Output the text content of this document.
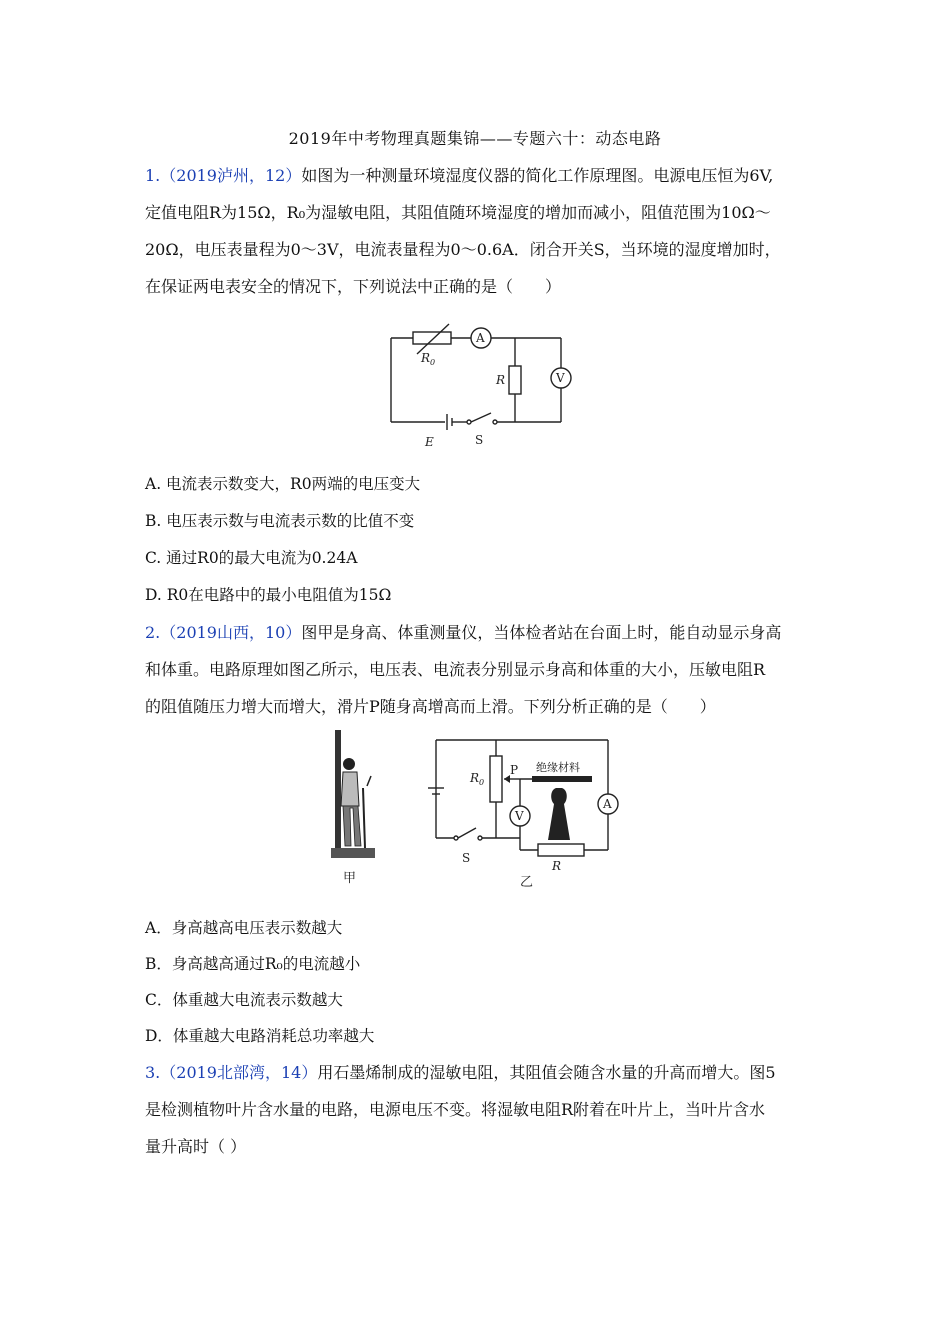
2019年中考物理真题集锦——专题六十：动态电路
1.（2019泸州，12）如图为一种测量环境湿度仪器的简化工作原理图。电源电压恒为6V,
定值电阻R为15Ω，R₀为湿敏电阻，其阻值随环境湿度的增加而减小，阻值范围为10Ω～
20Ω，电压表量程为0～3V，电流表量程为0～0.6A．闭合开关S，当环境的湿度增加时，
在保证两电表安全的情况下，下列说法中正确的是（　　）
A
V
$R_0$
R
E	S
A. 电流表示数变大，R0两端的电压变大
B. 电压表示数与电流表示数的比值不变
C. 通过R0的最大电流为0.24A
D. R0在电路中的最小电阻值为15Ω
2.（2019山西，10）图甲是身高、体重测量仪，当体检者站在台面上时，能自动显示身高
和体重。电路原理如图乙所示，电压表、电流表分别显示身高和体重的大小，压敏电阻R
的阻值随压力增大而增大，滑片P随身高增高而上滑。下列分析正确的是（　　）
甲
$R_0$
P 绝缘材料
V
A
S
R
乙
A．身高越高电压表示数越大
B．身高越高通过R₀的电流越小
C．体重越大电流表示数越大
D．体重越大电路消耗总功率越大
3.（2019北部湾，14）用石墨烯制成的湿敏电阻，其阻值会随含水量的升高而增大。图5
是检测植物叶片含水量的电路，电源电压不变。将湿敏电阻R附着在叶片上，当叶片含水
量升高时（ ）
